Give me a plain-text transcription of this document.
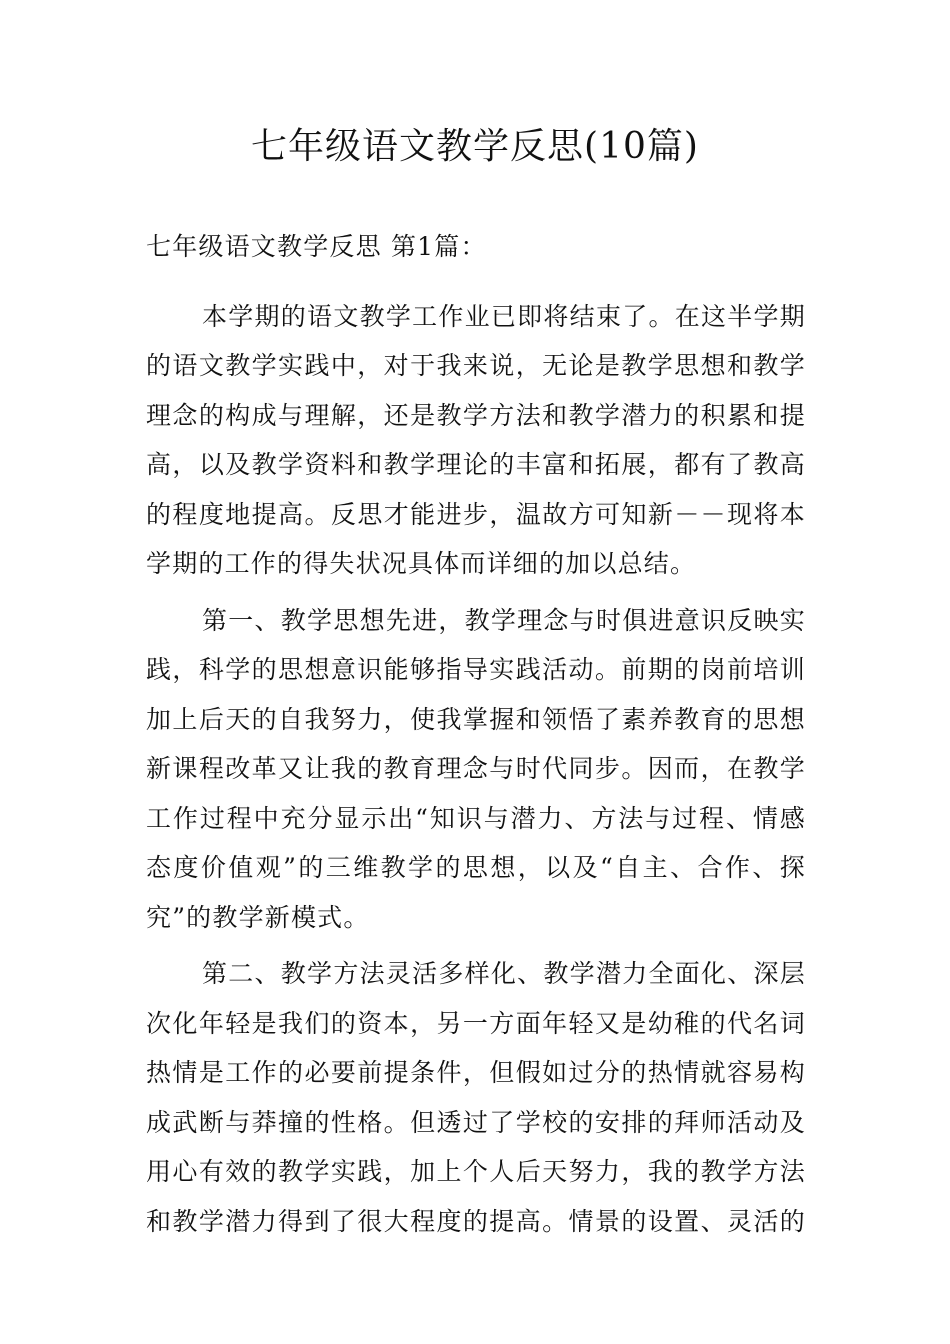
七年级语文教学反思(10篇)
七年级语文教学反思 第1篇：
本学期的语文教学工作业已即将结束了。在这半学期
的语文教学实践中，对于我来说，无论是教学思想和教学
理念的构成与理解，还是教学方法和教学潜力的积累和提
高，以及教学资料和教学理论的丰富和拓展，都有了教高
的程度地提高。反思才能进步，温故方可知新－－现将本
学期的工作的得失状况具体而详细的加以总结。
第一、教学思想先进，教学理念与时俱进意识反映实
践，科学的思想意识能够指导实践活动。前期的岗前培训
加上后天的自我努力，使我掌握和领悟了素养教育的思想
新课程改革又让我的教育理念与时代同步。因而，在教学
工作过程中充分显示出“知识与潜力、方法与过程、情感
态度价值观”的三维教学的思想，以及“自主、合作、探
究”的教学新模式。
第二、教学方法灵活多样化、教学潜力全面化、深层
次化年轻是我们的资本，另一方面年轻又是幼稚的代名词
热情是工作的必要前提条件，但假如过分的热情就容易构
成武断与莽撞的性格。但透过了学校的安排的拜师活动及
用心有效的教学实践，加上个人后天努力，我的教学方法
和教学潜力得到了很大程度的提高。情景的设置、灵活的
